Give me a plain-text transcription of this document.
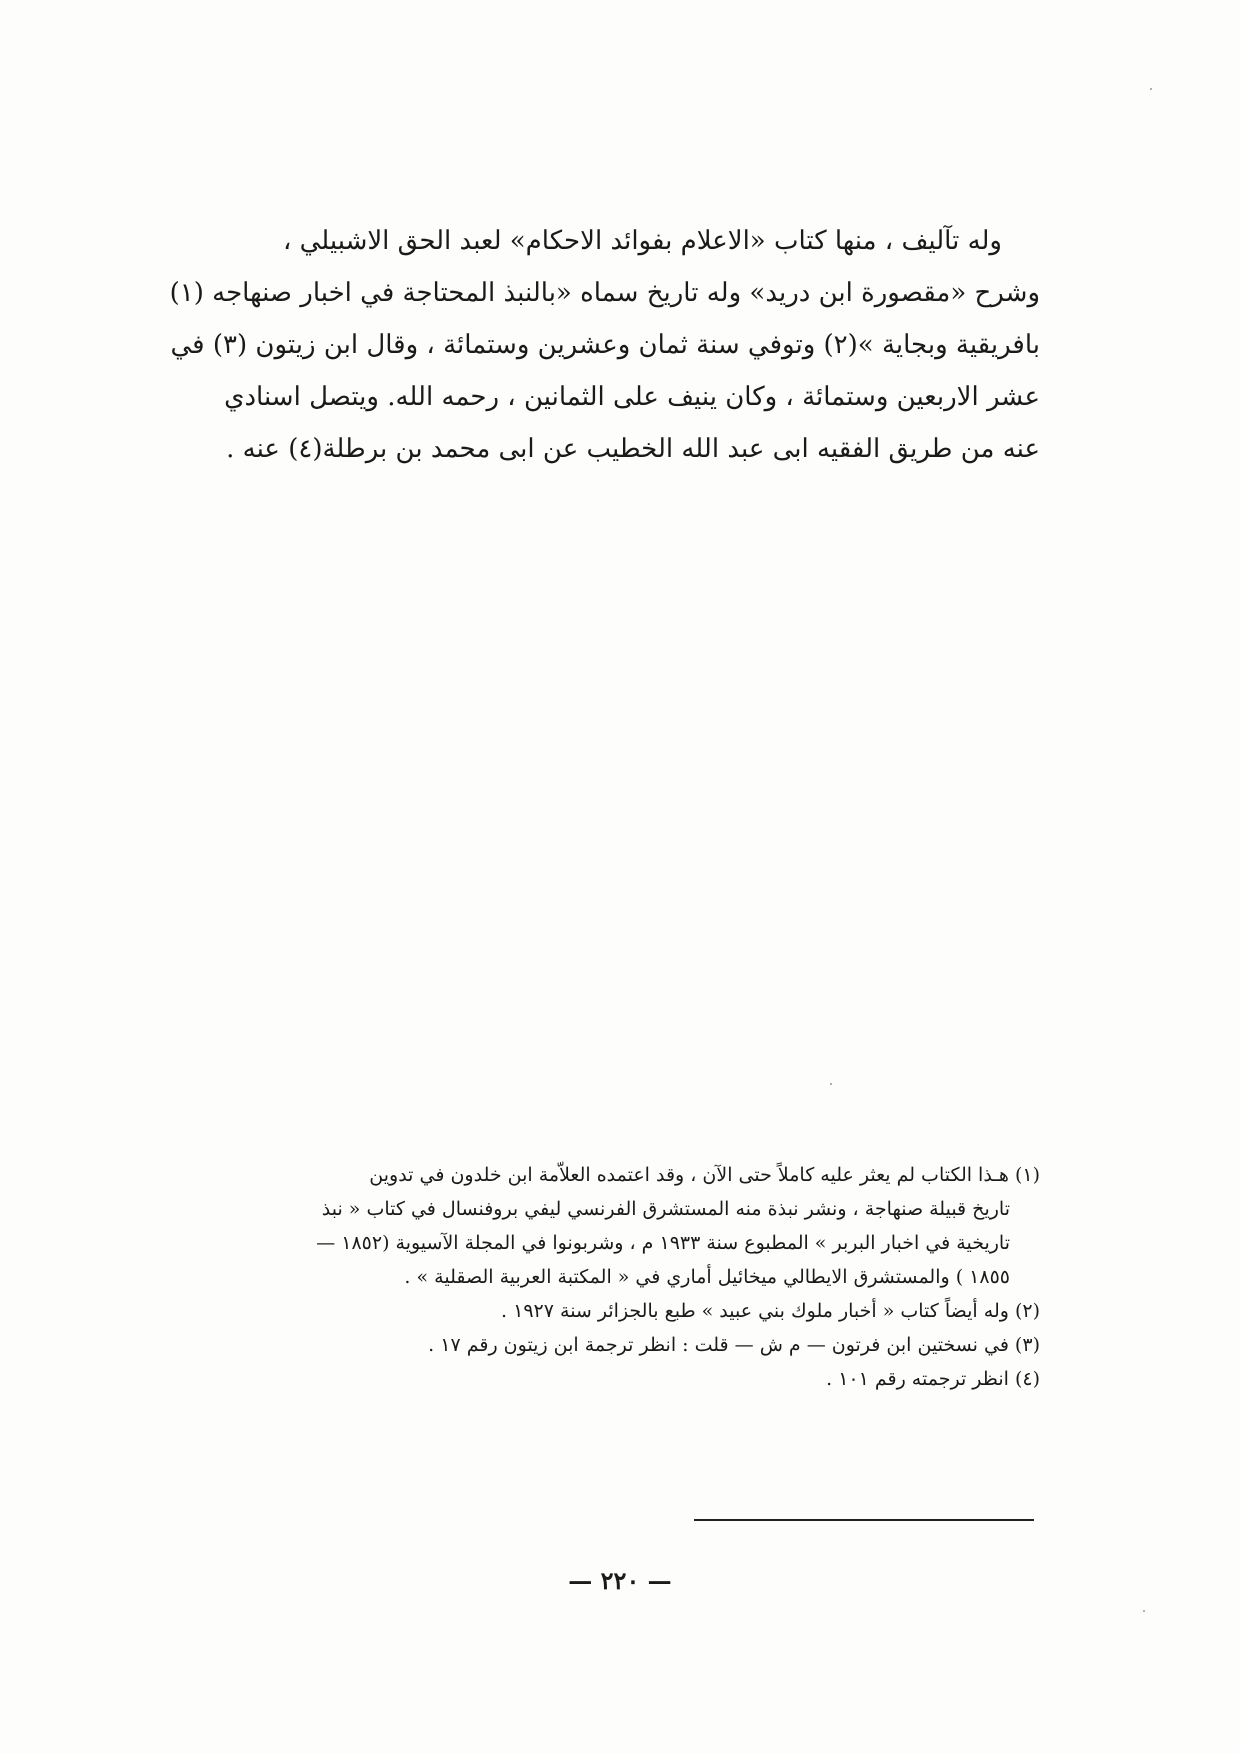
وله تآليف ، منها كتاب «الاعلام بفوائد الاحكام» لعبد الحق الاشبيلي ،
وشرح «مقصورة ابن دريد» وله تاريخ سماه «بالنبذ المحتاجة في اخبار صنهاجه (١)
بافريقية وبجاية »(٢) وتوفي سنة ثمان وعشرين وستمائة ، وقال ابن زيتون (٣) في
عشر الاربعين وستمائة ، وكان ينيف على الثمانين ، رحمه الله. ويتصل اسنادي
عنه من طريق الفقيه ابى عبد الله الخطيب عن ابى محمد بن برطلة(٤) عنه .
(١) هـذا الكتاب لم يعثر عليه كاملاً حتى الآن ، وقد اعتمده العلاّمة ابن خلدون في تدوين
تاريخ قبيلة صنهاجة ، ونشر نبذة منه المستشرق الفرنسي ليفي بروفنسال في كتاب « نبذ
تاريخية في اخبار البربر » المطبوع سنة ١٩٣٣ م ، وشربونوا في المجلة الآسيوية (١٨٥٢ —
١٨٥٥ ) والمستشرق الايطالي ميخائيل أماري في « المكتبة العربية الصقلية » .
(٢) وله أيضاً كتاب « أخبار ملوك بني عبيد » طبع بالجزائر سنة ١٩٢٧ .
(٣) في نسختين ابن فرتون — م ش — قلت : انظر ترجمة ابن زيتون رقم ١٧ .
(٤) انظر ترجمته رقم ١٠١ .
— ٢٢٠ —
